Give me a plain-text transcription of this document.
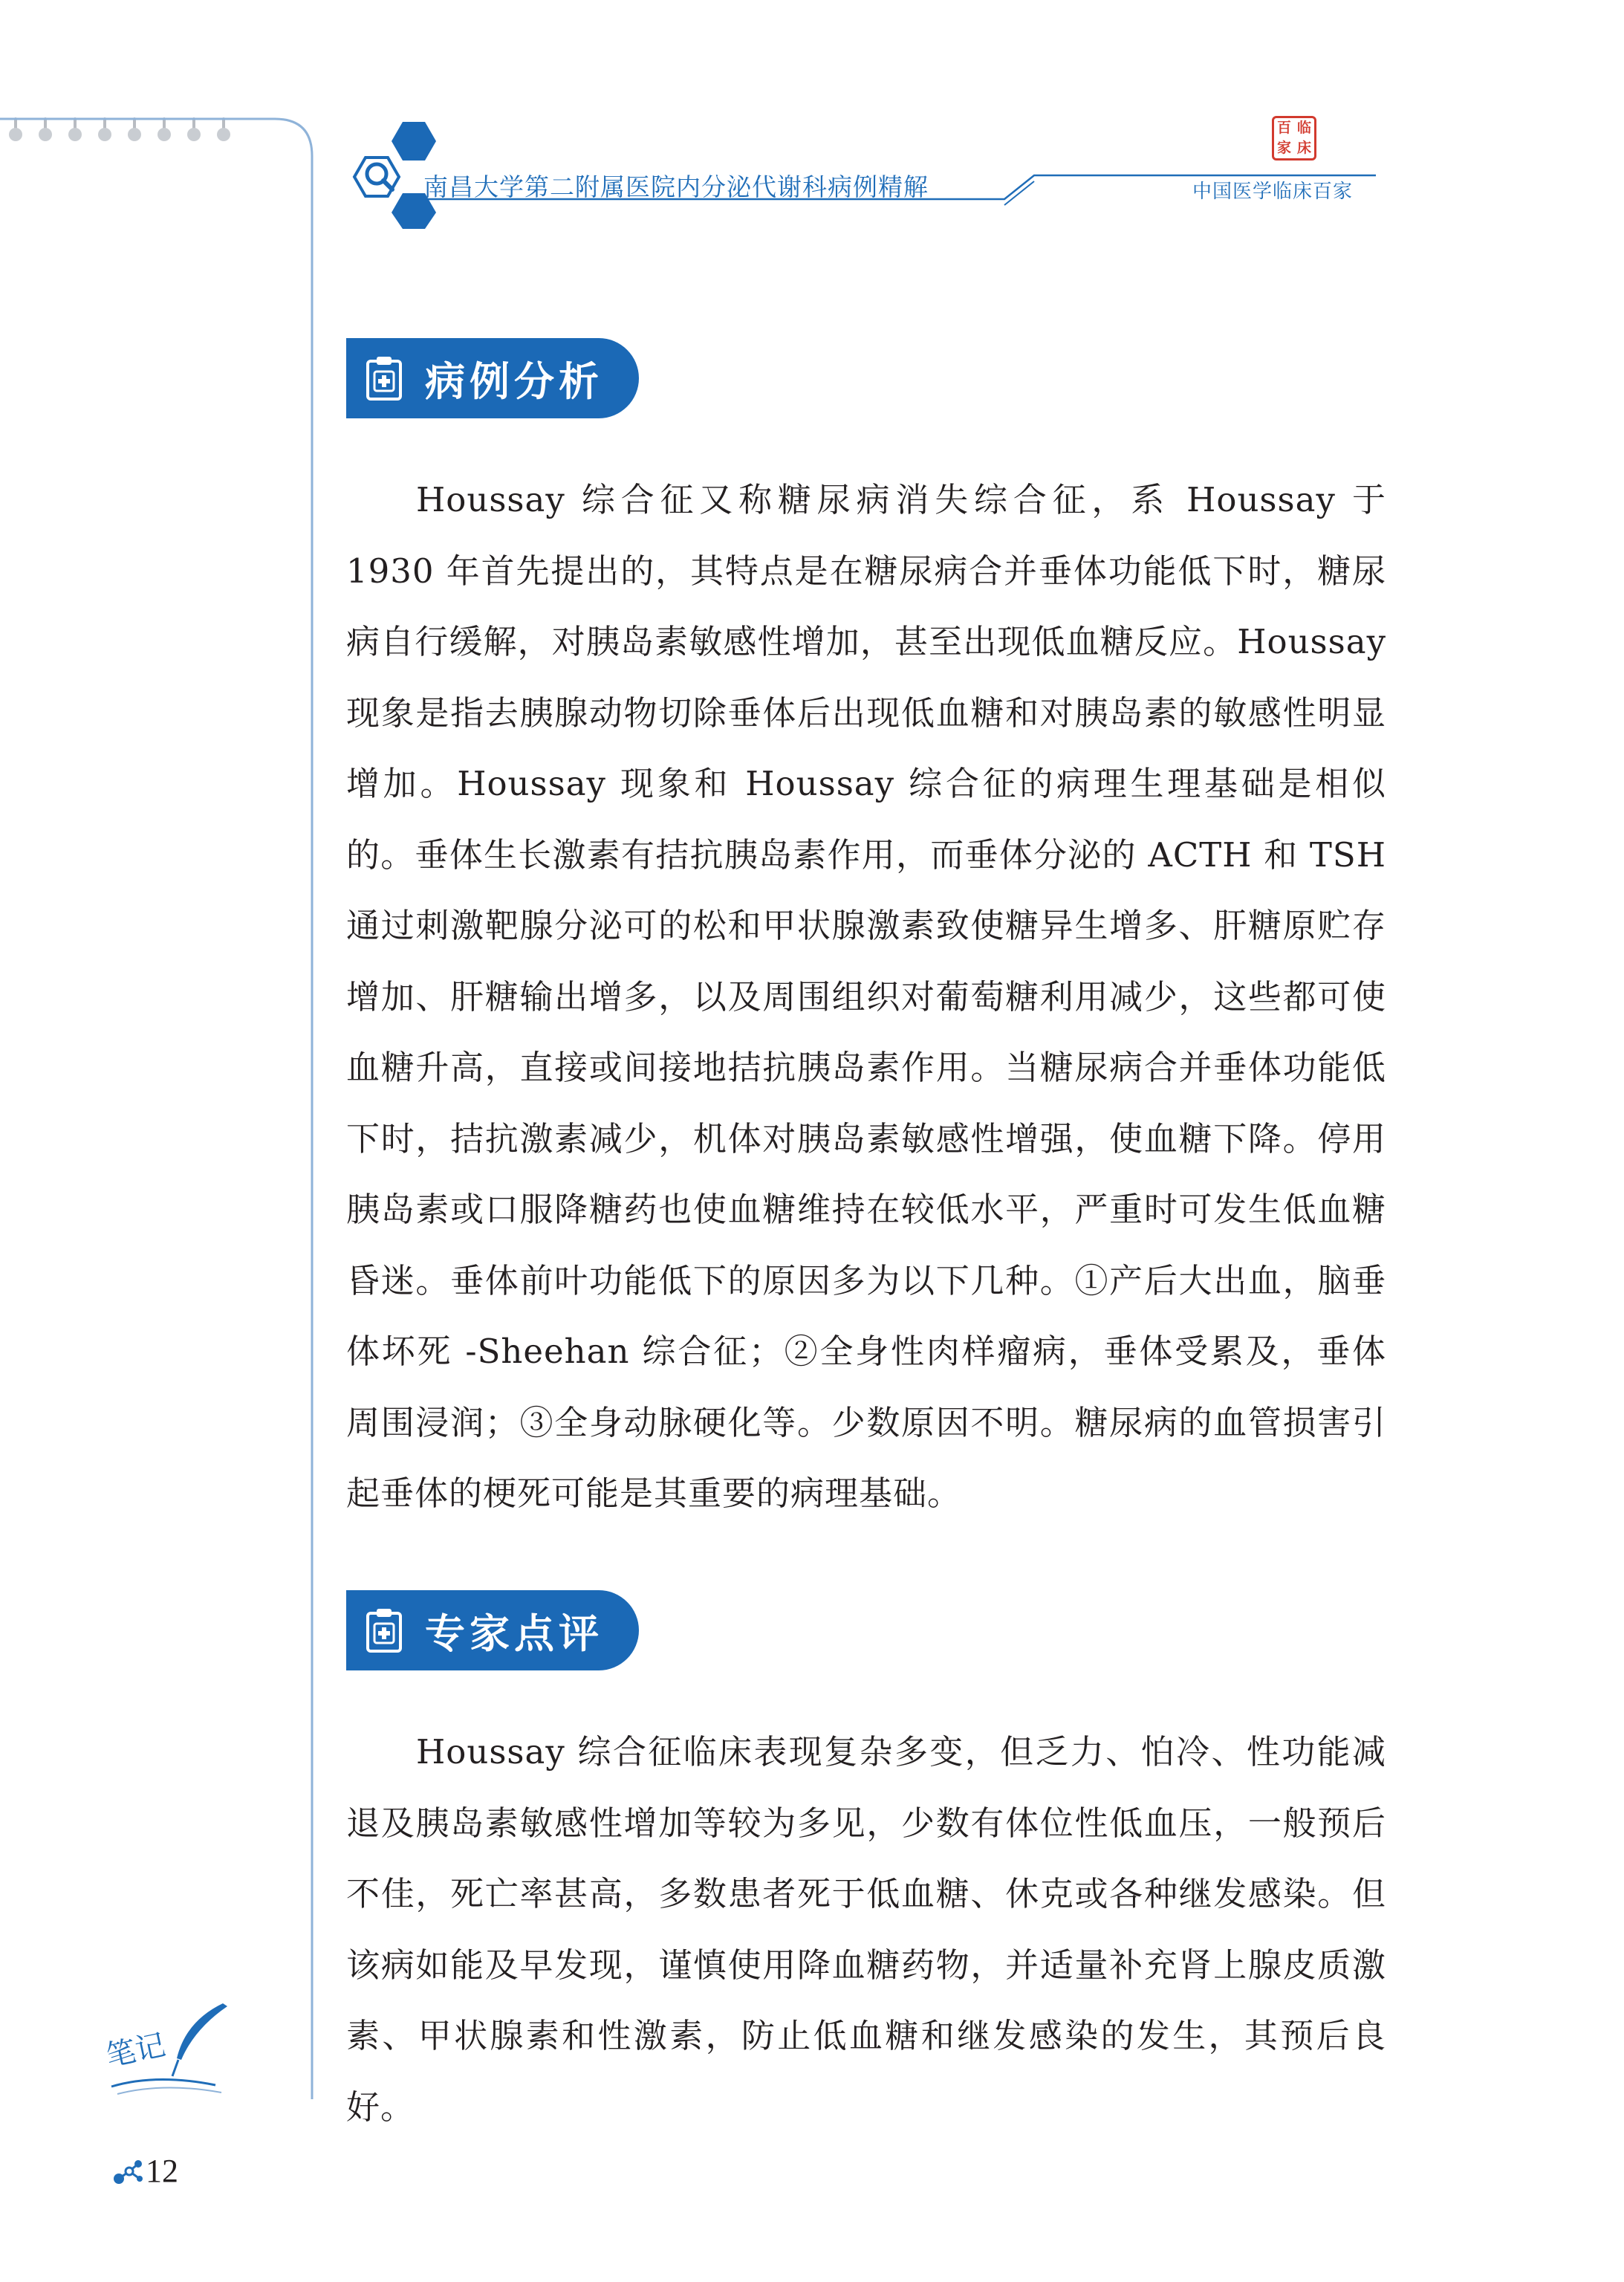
南昌大学第二附属医院内分泌代谢科病例精解
百 临
家 床
中国医学临床百家
病例分析

Houssay 综合征又称糖尿病消失综合征，系 Houssay 于 1930 年首先提出的，其特点是在糖尿病合并垂体功能低下时，糖尿病自行缓解，对胰岛素敏感性增加，甚至出现低血糖反应。Houssay 现象是指去胰腺动物切除垂体后出现低血糖和对胰岛素的敏感性明显增加。Houssay 现象和 Houssay 综合征的病理生理基础是相似的。垂体生长激素有拮抗胰岛素作用，而垂体分泌的 ACTH 和 TSH 通过刺激靶腺分泌可的松和甲状腺激素致使糖异生增多、肝糖原贮存增加、肝糖输出增多，以及周围组织对葡萄糖利用减少，这些都可使血糖升高，直接或间接地拮抗胰岛素作用。当糖尿病合并垂体功能低下时，拮抗激素减少，机体对胰岛素敏感性增强，使血糖下降。停用胰岛素或口服降糖药也使血糖维持在较低水平，严重时可发生低血糖昏迷。垂体前叶功能低下的原因多为以下几种。①产后大出血，脑垂体坏死 -Sheehan 综合征；②全身性肉样瘤病，垂体受累及，垂体周围浸润；③全身动脉硬化等。少数原因不明。糖尿病的血管损害引起垂体的梗死可能是其重要的病理基础。

专家点评

Houssay 综合征临床表现复杂多变，但乏力、怕冷、性功能减退及胰岛素敏感性增加等较为多见，少数有体位性低血压，一般预后不佳，死亡率甚高，多数患者死于低血糖、休克或各种继发感染。但该病如能及早发现，谨慎使用降血糖药物，并适量补充肾上腺皮质激素、甲状腺素和性激素，防止低血糖和继发感染的发生，其预后良好。

笔记
12
